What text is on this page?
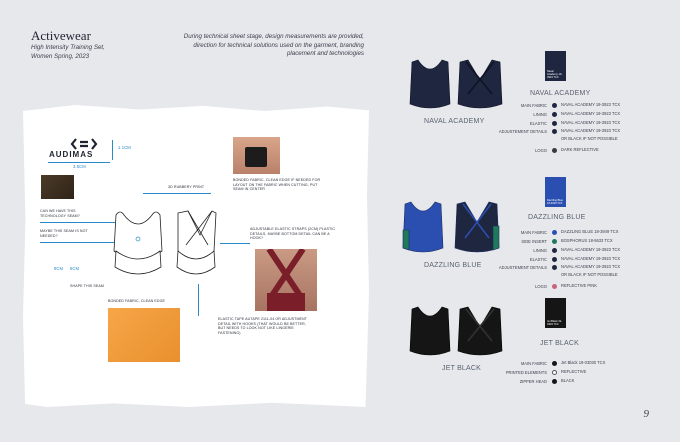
Activewear
High Intensity Training Set,
Women Spring, 2023
During technical sheet stage, design measurements are provided, direction for technical solutions used on the garment, branding placement and technologies
AUDIMAS
1.1CM
3.5CM
3D RUBBERY PRINT
CAN WE HAVE THIS TECHNOLOGY SEAM?
MAYBE THIS SEAM IS NOT NEEDED?
8CM 6CM
SHAPE THIS SEAM
BONDED FABRIC, CLEAN EDGE
BONDED FABRIC, CLEAN EDGE IF NEEDED FOR LAYOUT ON THE FABRIC WHEN CUTTING, PUT SEAM IN CENTER
ADJUSTABLE ELASTIC STRAPS (2CM) PLASTIC DETAILS, MAYBE BOTTOM DETAIL CAN BE A HOOK?
ELASTIC TAPE AUTAPE 2111-04 OR ADJUSTMENT DETAIL WITH HOOKS (THAT WOULD BE BETTER, BUT NEEDS TO LOOK NOT LIKE LINGERIE FASTENING)
Naval Academy 19-3923 TCX
NAVAL ACADEMY
NAVAL ACADEMY
MAIN FABRIC	NAVAL ACADEMY 19-3923 TCX
LINING	NAVAL ACADEMY 19-3923 TCX
ELASTIC	NAVAL ACADEMY 19-3923 TCX
ADJUSTEMENT DETAILS	NAVAL ACADEMY 19-3923 TCX
OR BLACK IF NOT POSSIBLE
LOGO	DARK REFLECTIVE
Dazzling Blue 18-3949 TCX
DAZZLING BLUE
DAZZLING BLUE
MAIN FABRIC	DAZZLING BLUE 18-3949 TCX
SIDE INSERT	BOSPHORUS 18-5633 TCX
LINING	NAVAL ACADEMY 19-3923 TCX
ELASTIC	NAVAL ACADEMY 19-3923 TCX
ADJUSTEMENT DETAILS	NAVAL ACADEMY 19-3923 TCX
OR BLACK IF NOT POSSIBLE
LOGO	REFLECTIVE PINK
Jet Black 19-0303 TCX
JET BLACK
JET BLACK
MAIN FABRIC	Jet Black 19-03030 TCX
PRINTED ELEMENTS	REFLECTIVE
ZIPPER HEAD	BLACK
9
